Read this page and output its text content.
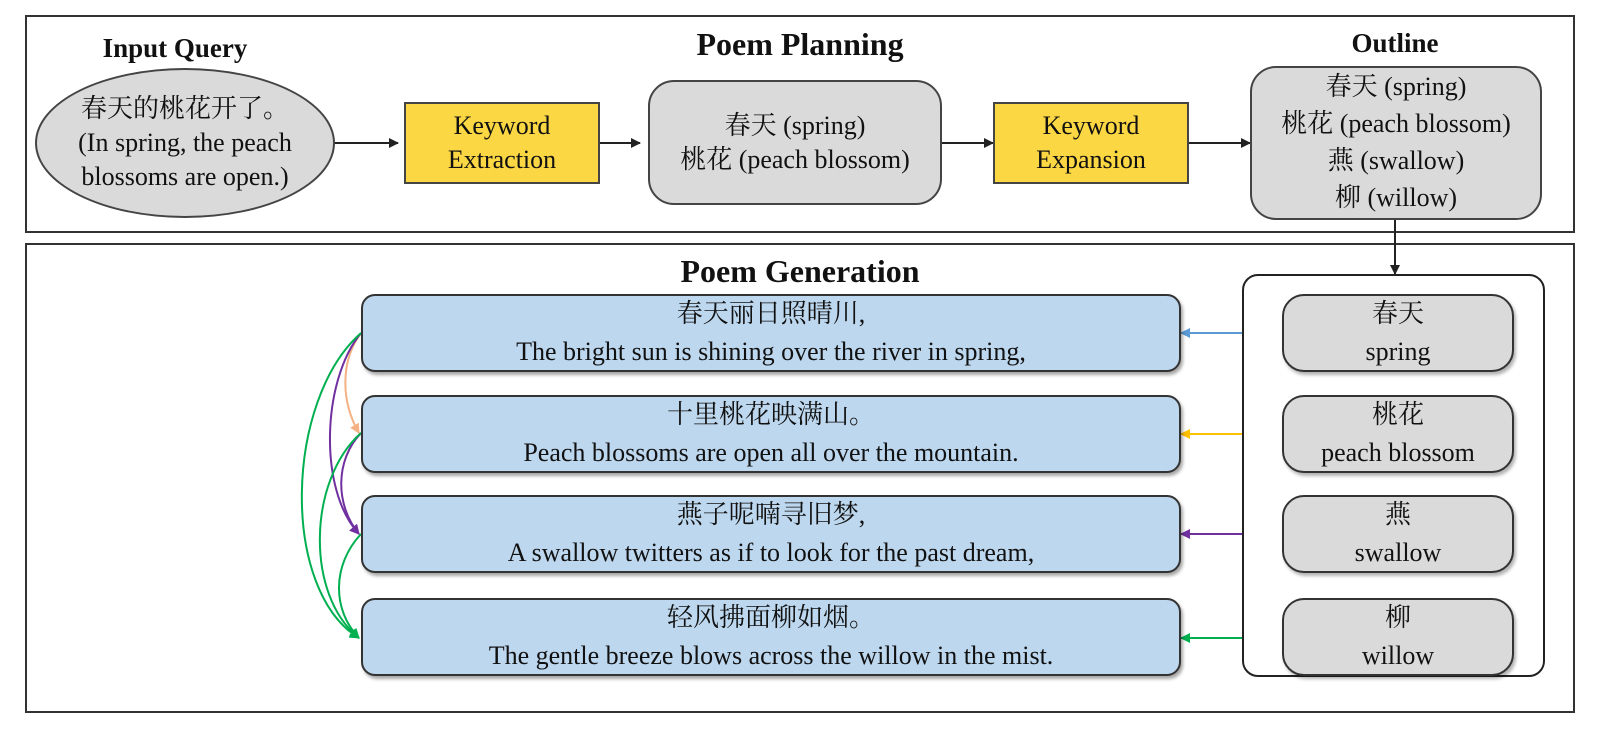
Input Query	Poem Planning	Outline
春天的桃花开了。
(In spring, the peach
blossoms are open.)
Keyword
Extraction
春天 (spring)
桃花 (peach blossom)
Keyword
Expansion
春天 (spring)
桃花 (peach blossom)
燕 (swallow)
柳 (willow)
Poem Generation
春天丽日照晴川,
The bright sun is shining over the river in spring,
十里桃花映满山。
Peach blossoms are open all over the mountain.
燕子呢喃寻旧梦,
A swallow twitters as if to look for the past dream,
轻风拂面柳如烟。
The gentle breeze blows across the willow in the mist.
春天
spring
桃花
peach blossom
燕
swallow
柳
willow
